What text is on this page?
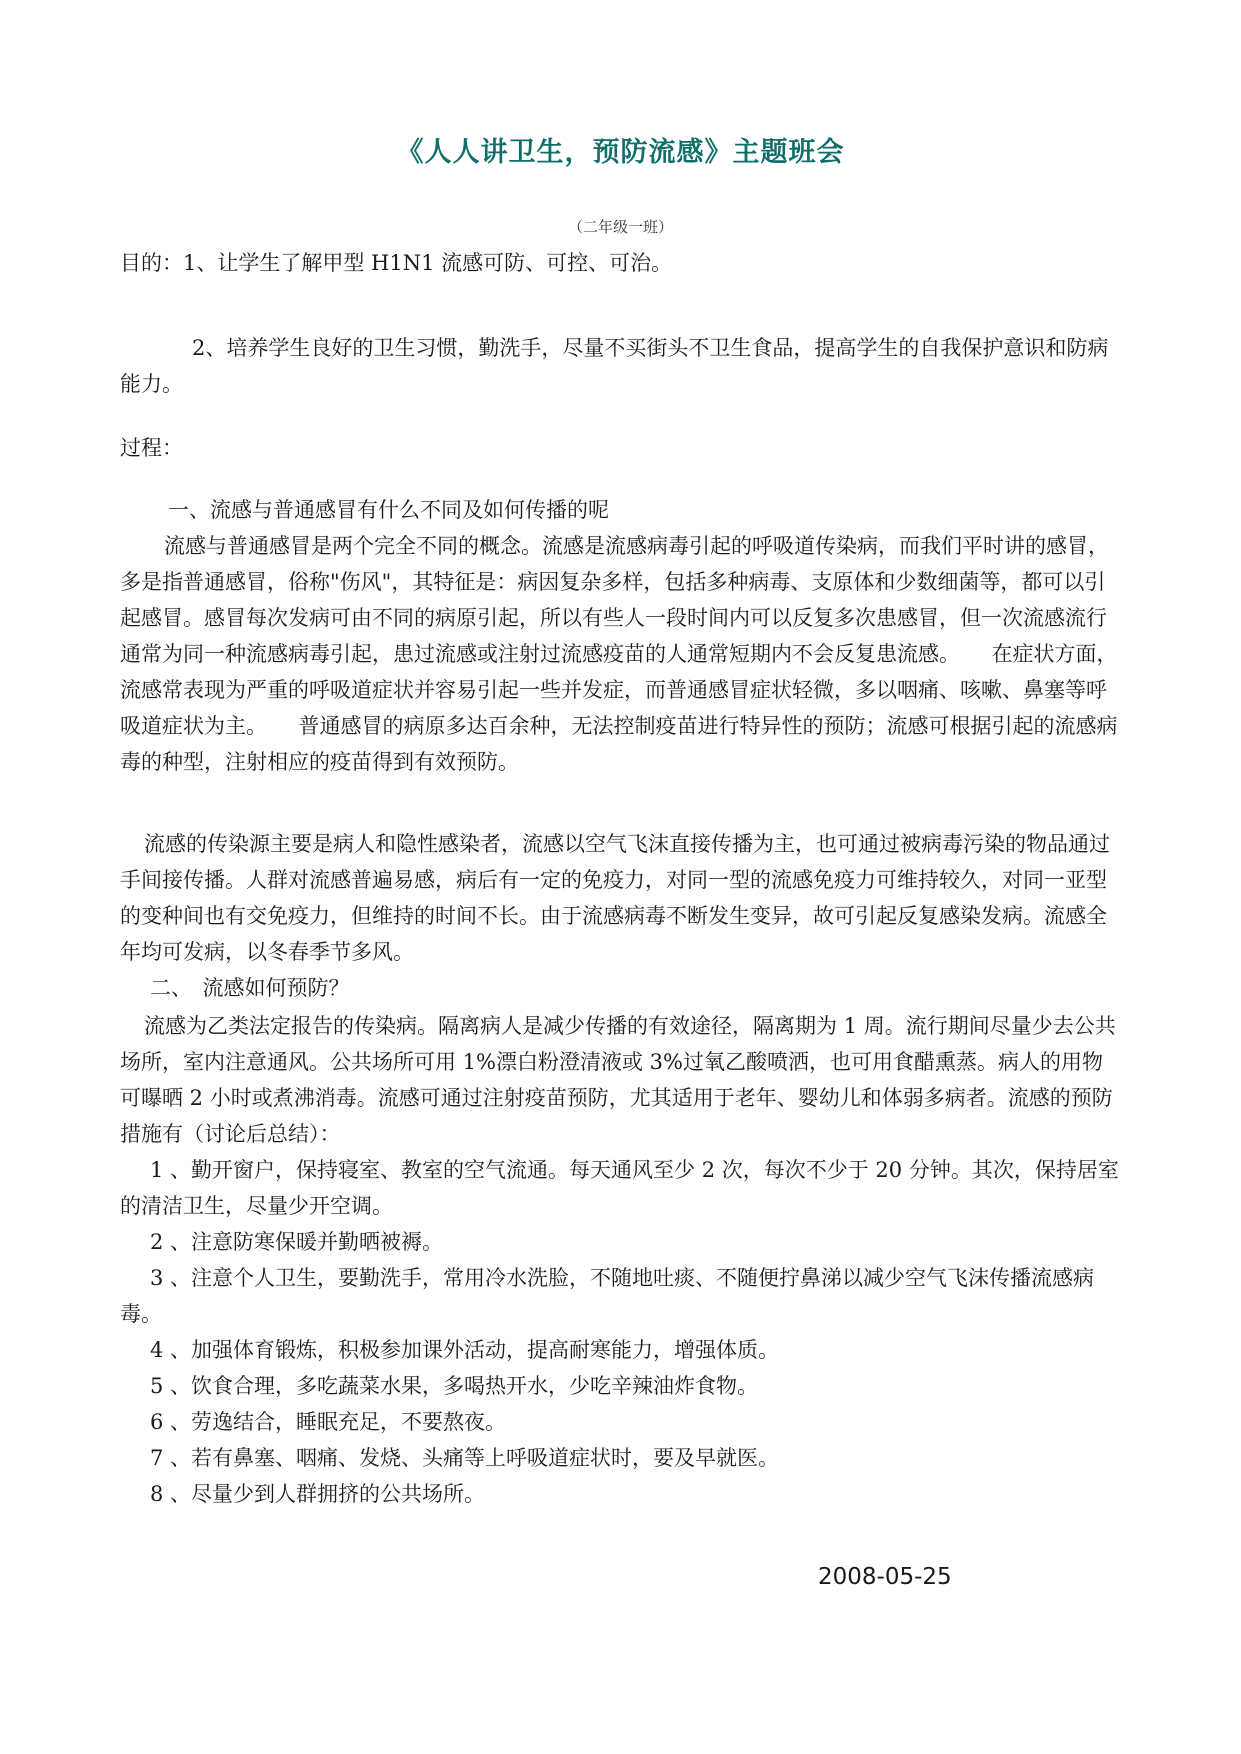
《人人讲卫生，预防流感》主题班会
（二年级一班）

目的：1、让学生了解甲型 H1N1 流感可防、可控、可治。

2、培养学生良好的卫生习惯，勤洗手，尽量不买街头不卫生食品，提高学生的自我保护意识和防病能力。

过程：

一、流感与普通感冒有什么不同及如何传播的呢

流感与普通感冒是两个完全不同的概念。流感是流感病毒引起的呼吸道传染病，而我们平时讲的感冒，多是指普通感冒，俗称"伤风"，其特征是：病因复杂多样，包括多种病毒、支原体和少数细菌等，都可以引起感冒。感冒每次发病可由不同的病原引起，所以有些人一段时间内可以反复多次患感冒，但一次流感流行通常为同一种流感病毒引起，患过流感或注射过流感疫苗的人通常短期内不会反复患流感。　　在症状方面，流感常表现为严重的呼吸道症状并容易引起一些并发症，而普通感冒症状轻微，多以咽痛、咳嗽、鼻塞等呼吸道症状为主。　　普通感冒的病原多达百余种，无法控制疫苗进行特异性的预防；流感可根据引起的流感病毒的种型，注射相应的疫苗得到有效预防。

流感的传染源主要是病人和隐性感染者，流感以空气飞沫直接传播为主，也可通过被病毒污染的物品通过手间接传播。人群对流感普遍易感，病后有一定的免疫力，对同一型的流感免疫力可维持较久，对同一亚型的变种间也有交免疫力，但维持的时间不长。由于流感病毒不断发生变异，故可引起反复感染发病。流感全年均可发病，以冬春季节多风。

二、　流感如何预防？

流感为乙类法定报告的传染病。隔离病人是减少传播的有效途径，隔离期为 1 周。流行期间尽量少去公共场所，室内注意通风。公共场所可用 1%漂白粉澄清液或 3%过氧乙酸喷洒，也可用食醋熏蒸。病人的用物可曝晒 2 小时或煮沸消毒。流感可通过注射疫苗预防，尤其适用于老年、婴幼儿和体弱多病者。流感的预防措施有（讨论后总结）：

1 、勤开窗户，保持寝室、教室的空气流通。每天通风至少 2 次，每次不少于 20 分钟。其次，保持居室的清洁卫生，尽量少开空调。

2 、注意防寒保暖并勤晒被褥。

3 、注意个人卫生，要勤洗手，常用冷水洗脸，不随地吐痰、不随便拧鼻涕以减少空气飞沫传播流感病毒。

4 、加强体育锻炼，积极参加课外活动，提高耐寒能力，增强体质。

5 、饮食合理，多吃蔬菜水果，多喝热开水，少吃辛辣油炸食物。

6 、劳逸结合，睡眠充足，不要熬夜。

7 、若有鼻塞、咽痛、发烧、头痛等上呼吸道症状时，要及早就医。

8 、尽量少到人群拥挤的公共场所。

2008-05-25
